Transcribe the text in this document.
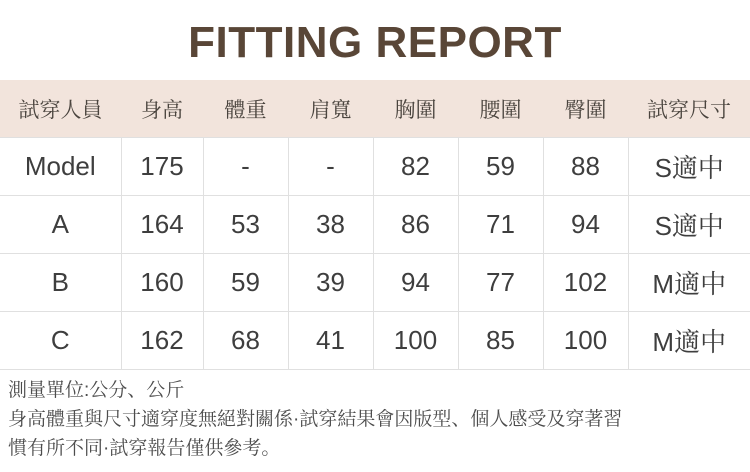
FITTING REPORT
試穿人員	身高	體重	肩寬	胸圍	腰圍	臀圍	試穿尺寸
Model	175	-	-	82	59	88	S適中
A	164	53	38	86	71	94	S適中
B	160	59	39	94	77	102	M適中
C	162	68	41	100	85	100	M適中
測量單位:公分、公斤
身高體重與尺寸適穿度無絕對關係·試穿結果會因版型、個人感受及穿著習
慣有所不同·試穿報告僅供參考。
